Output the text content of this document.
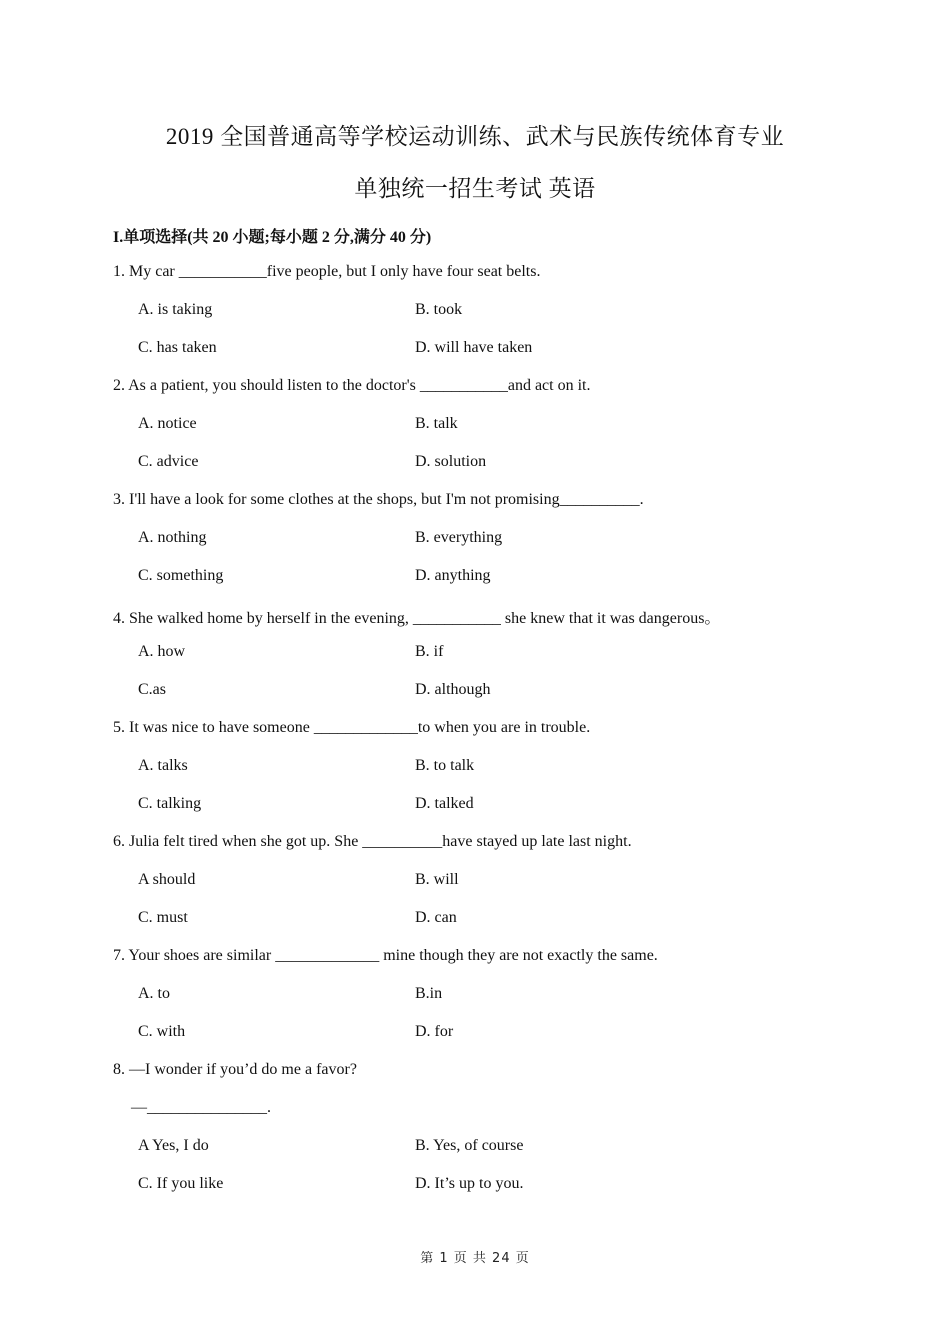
2019 全国普通高等学校运动训练、武术与民族传统体育专业
单独统一招生考试 英语
I.单项选择(共 20 小题;每小题 2 分,满分 40 分)
1. My car ___________five people, but I only have four seat belts.
A. is taking	B. took
C. has taken	D. will have taken
2. As a patient, you should listen to the doctor's ___________and act on it.
A. notice	B. talk
C. advice	D. solution
3. I'll have a look for some clothes at the shops, but I'm not promising__________.
A. nothing	B. everything
C. something	D. anything
4. She walked home by herself in the evening, ___________ she knew that it was dangerous。
A. how	B. if
C.as	D. although
5. It was nice to have someone _____________to when you are in trouble.
A. talks	B. to talk
C. talking	D. talked
6. Julia felt tired when she got up. She __________have stayed up late last night.
A should	B. will
C. must	D. can
7. Your shoes are similar _____________ mine though they are not exactly the same.
A. to	B.in
C. with	D. for
8. —I wonder if you’d do me a favor?
—_______________.
A Yes, I do	B. Yes, of course
C. If you like	D. It’s up to you.
第 1 页 共 24 页
